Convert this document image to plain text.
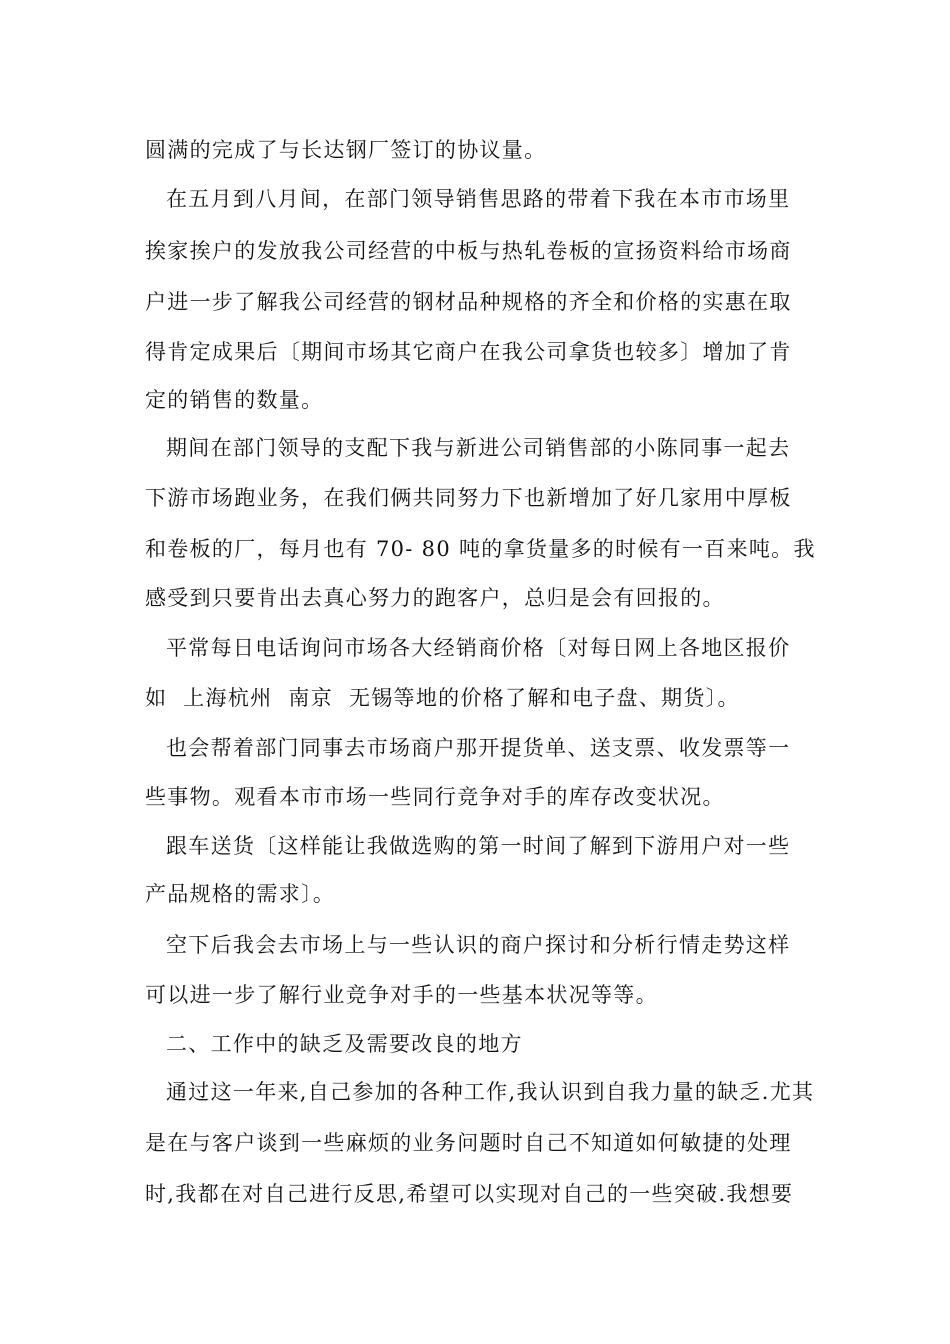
圆满的完成了与长达钢厂签订的协议量。
在五月到八月间，在部门领导销售思路的带着下我在本市市场里
挨家挨户的发放我公司经营的中板与热轧卷板的宣扬资料给市场商
户进一步了解我公司经营的钢材品种规格的齐全和价格的实惠在取
得肯定成果后〔期间市场其它商户在我公司拿货也较多〕增加了肯
定的销售的数量。
期间在部门领导的支配下我与新进公司销售部的小陈同事一起去
下游市场跑业务，在我们俩共同努力下也新增加了好几家用中厚板
和卷板的厂，每月也有 70- 80 吨的拿货量多的时候有一百来吨。我
感受到只要肯出去真心努力的跑客户，总归是会有回报的。
平常每日电话询问市场各大经销商价格〔对每日网上各地区报价
如  上海杭州  南京  无锡等地的价格了解和电子盘、期货〕。
也会帮着部门同事去市场商户那开提货单、送支票、收发票等一
些事物。观看本市市场一些同行竞争对手的库存改变状况。
跟车送货〔这样能让我做选购的第一时间了解到下游用户对一些
产品规格的需求〕。
空下后我会去市场上与一些认识的商户探讨和分析行情走势这样
可以进一步了解行业竞争对手的一些基本状况等等。
二、工作中的缺乏及需要改良的地方
通过这一年来,自己参加的各种工作,我认识到自我力量的缺乏.尤其
是在与客户谈到一些麻烦的业务问题时自己不知道如何敏捷的处理
时,我都在对自己进行反思,希望可以实现对自己的一些突破.我想要
